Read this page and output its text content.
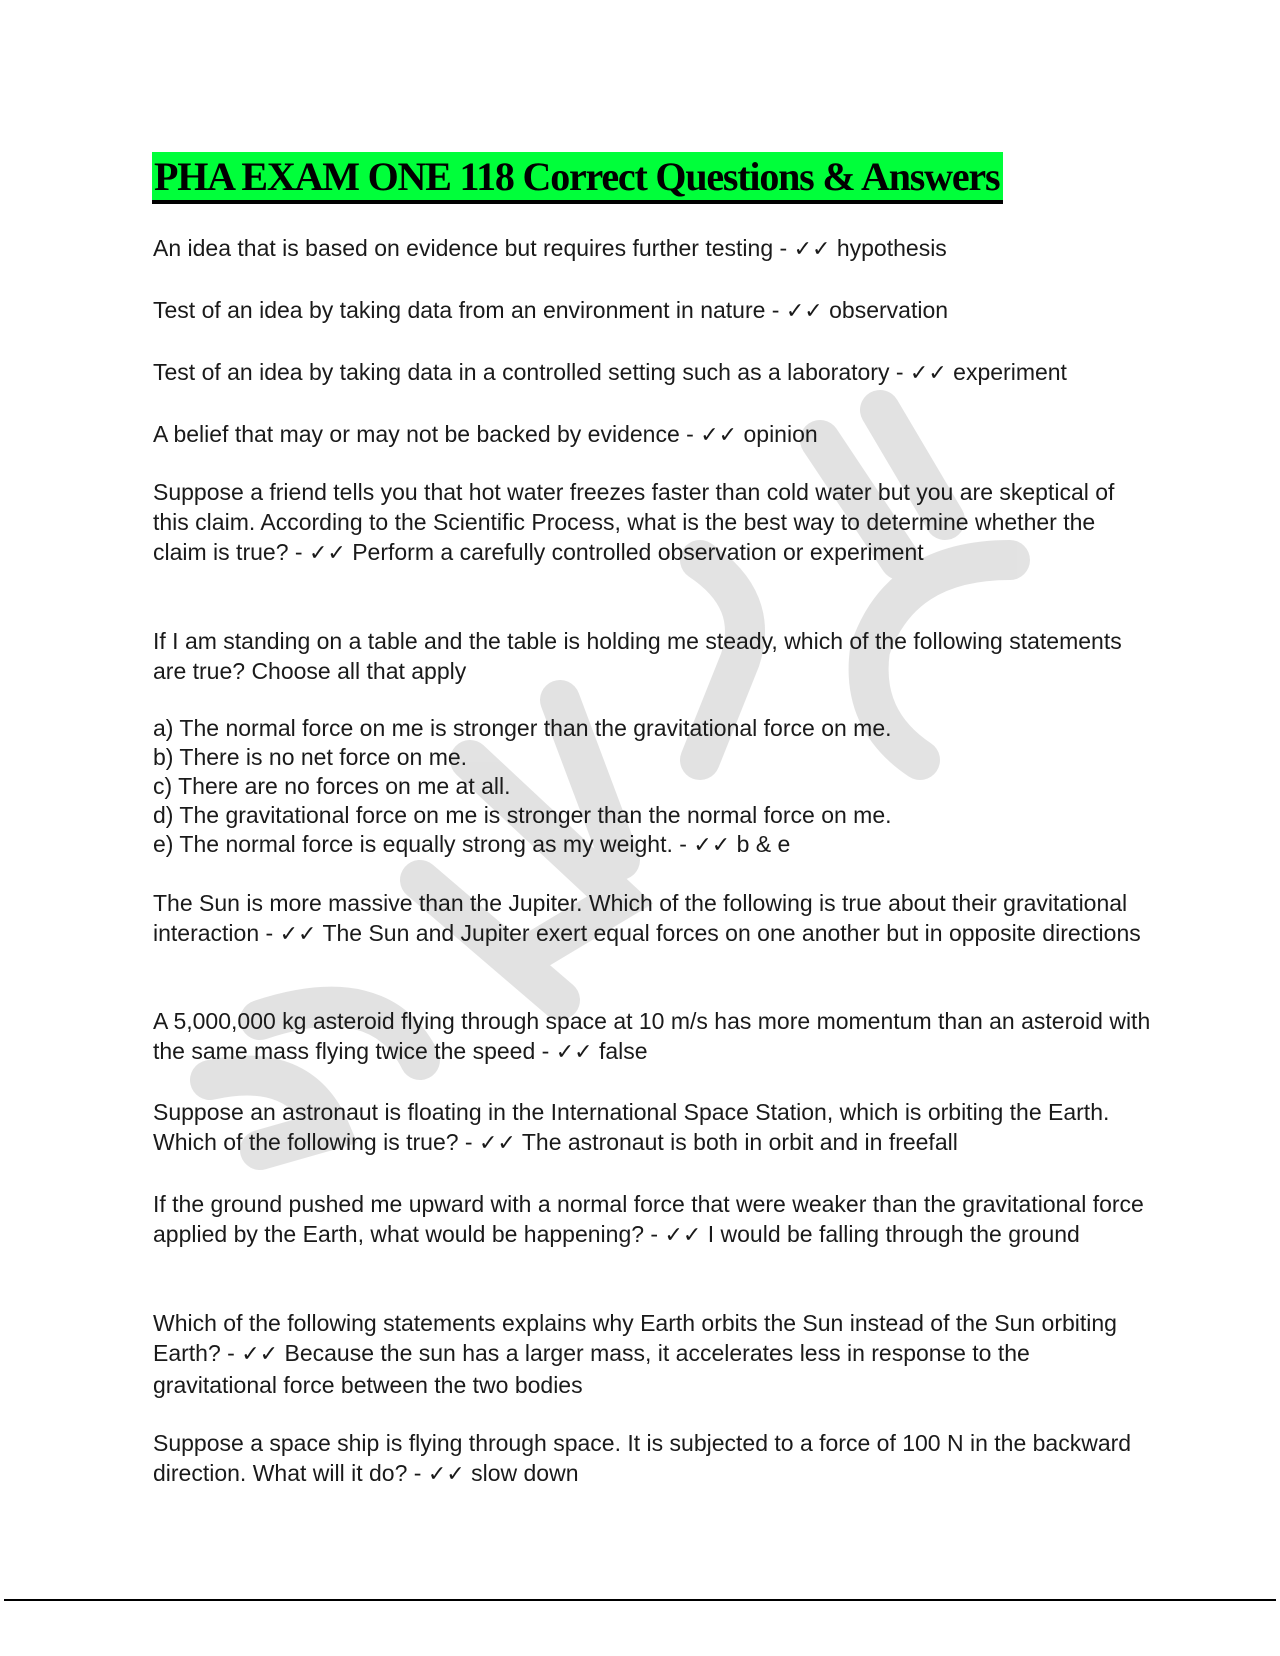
PHA EXAM ONE 118 Correct Questions & Answers

An idea that is based on evidence but requires further testing - ✓✓ hypothesis

Test of an idea by taking data from an environment in nature - ✓✓ observation

Test of an idea by taking data in a controlled setting such as a laboratory - ✓✓ experiment

A belief that may or may not be backed by evidence - ✓✓ opinion

Suppose a friend tells you that hot water freezes faster than cold water but you are skeptical of this claim. According to the Scientific Process, what is the best way to determine whether the claim is true? - ✓✓ Perform a carefully controlled observation or experiment

If I am standing on a table and the table is holding me steady, which of the following statements are true? Choose all that apply

a) The normal force on me is stronger than the gravitational force on me.
b) There is no net force on me.
c) There are no forces on me at all.
d) The gravitational force on me is stronger than the normal force on me.
e) The normal force is equally strong as my weight. - ✓✓ b & e

The Sun is more massive than the Jupiter. Which of the following is true about their gravitational interaction - ✓✓ The Sun and Jupiter exert equal forces on one another but in opposite directions

A 5,000,000 kg asteroid flying through space at 10 m/s has more momentum than an asteroid with the same mass flying twice the speed - ✓✓ false

Suppose an astronaut is floating in the International Space Station, which is orbiting the Earth. Which of the following is true? - ✓✓ The astronaut is both in orbit and in freefall

If the ground pushed me upward with a normal force that were weaker than the gravitational force applied by the Earth, what would be happening? - ✓✓ I would be falling through the ground

Which of the following statements explains why Earth orbits the Sun instead of the Sun orbiting Earth? - ✓✓ Because the sun has a larger mass, it accelerates less in response to the gravitational force between the two bodies

Suppose a space ship is flying through space. It is subjected to a force of 100 N in the backward direction. What will it do? - ✓✓ slow down
